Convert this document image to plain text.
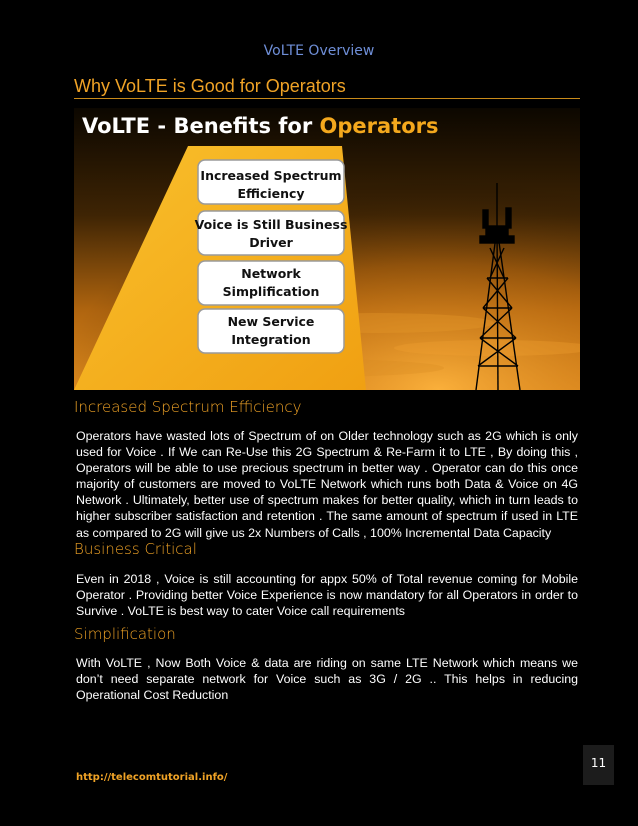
VoLTE Overview
Why VoLTE is Good for Operators
VoLTE - Benefits for Operators
Increased Spectrum
Efficiency
Voice is Still Business
Driver
Network
Simplification
New Service
Integration
Increased Spectrum Efficiency
Operators have wasted lots of Spectrum of on Older technology such as 2G which is only used for Voice . If We can Re-Use this 2G Spectrum & Re-Farm it to LTE , By doing this , Operators will be able to use precious spectrum in better way . Operator can do this once majority of customers are moved to VoLTE Network which runs both Data & Voice on 4G Network . Ultimately, better use of spectrum makes for better quality, which in turn leads to higher subscriber satisfaction and retention . The same amount of spectrum if used in LTE as compared to 2G will give us 2x Numbers of Calls , 100% Incremental Data Capacity
Business Critical
Even in 2018 , Voice is still accounting for appx 50% of Total revenue coming for Mobile Operator . Providing better Voice Experience is now mandatory for all Operators in order to Survive . VoLTE is best way to cater Voice call requirements
Simplification
With VoLTE , Now Both Voice & data are riding on same LTE Network which means we don’t need separate network for Voice such as 3G / 2G .. This helps in reducing Operational Cost Reduction
11
http://telecomtutorial.info/
